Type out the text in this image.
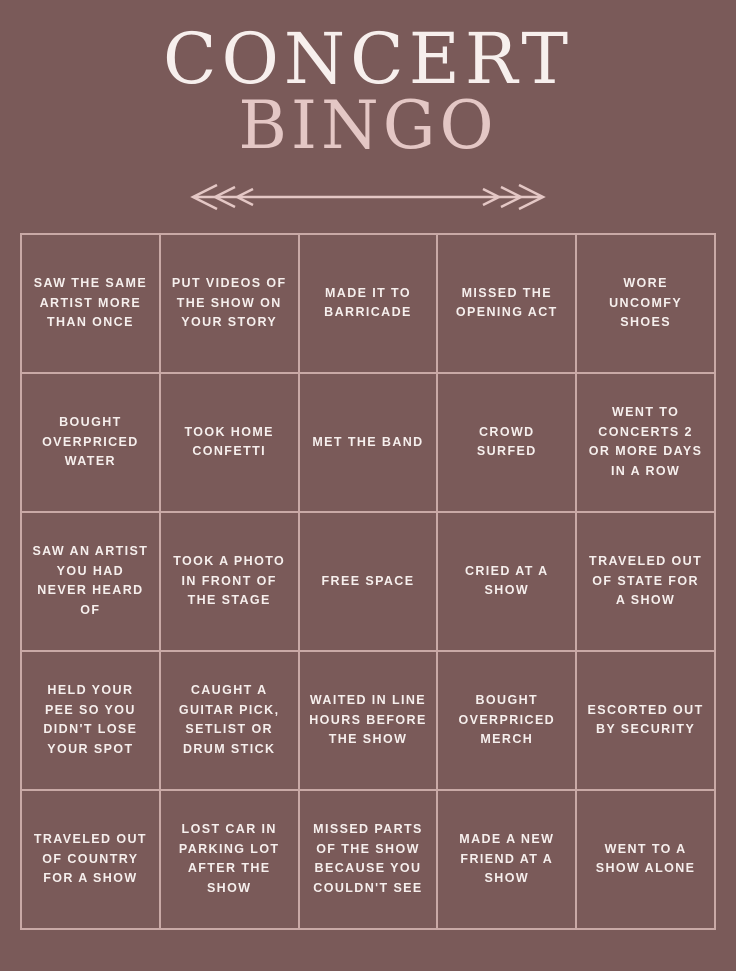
CONCERT
BINGO
SAW THE SAME ARTIST MORE THAN ONCE
PUT VIDEOS OF THE SHOW ON YOUR STORY
MADE IT TO BARRICADE
MISSED THE OPENING ACT
WORE UNCOMFY SHOES
BOUGHT OVERPRICED WATER
TOOK HOME CONFETTI
MET THE BAND
CROWD SURFED
WENT TO CONCERTS 2 OR MORE DAYS IN A ROW
SAW AN ARTIST YOU HAD NEVER HEARD OF
TOOK A PHOTO IN FRONT OF THE STAGE
FREE SPACE
CRIED AT A SHOW
TRAVELED OUT OF STATE FOR A SHOW
HELD YOUR PEE SO YOU DIDN'T LOSE YOUR SPOT
CAUGHT A GUITAR PICK, SETLIST OR DRUM STICK
WAITED IN LINE HOURS BEFORE THE SHOW
BOUGHT OVERPRICED MERCH
ESCORTED OUT BY SECURITY
TRAVELED OUT OF COUNTRY FOR A SHOW
LOST CAR IN PARKING LOT AFTER THE SHOW
MISSED PARTS OF THE SHOW BECAUSE YOU COULDN'T SEE
MADE A NEW FRIEND AT A SHOW
WENT TO A SHOW ALONE
